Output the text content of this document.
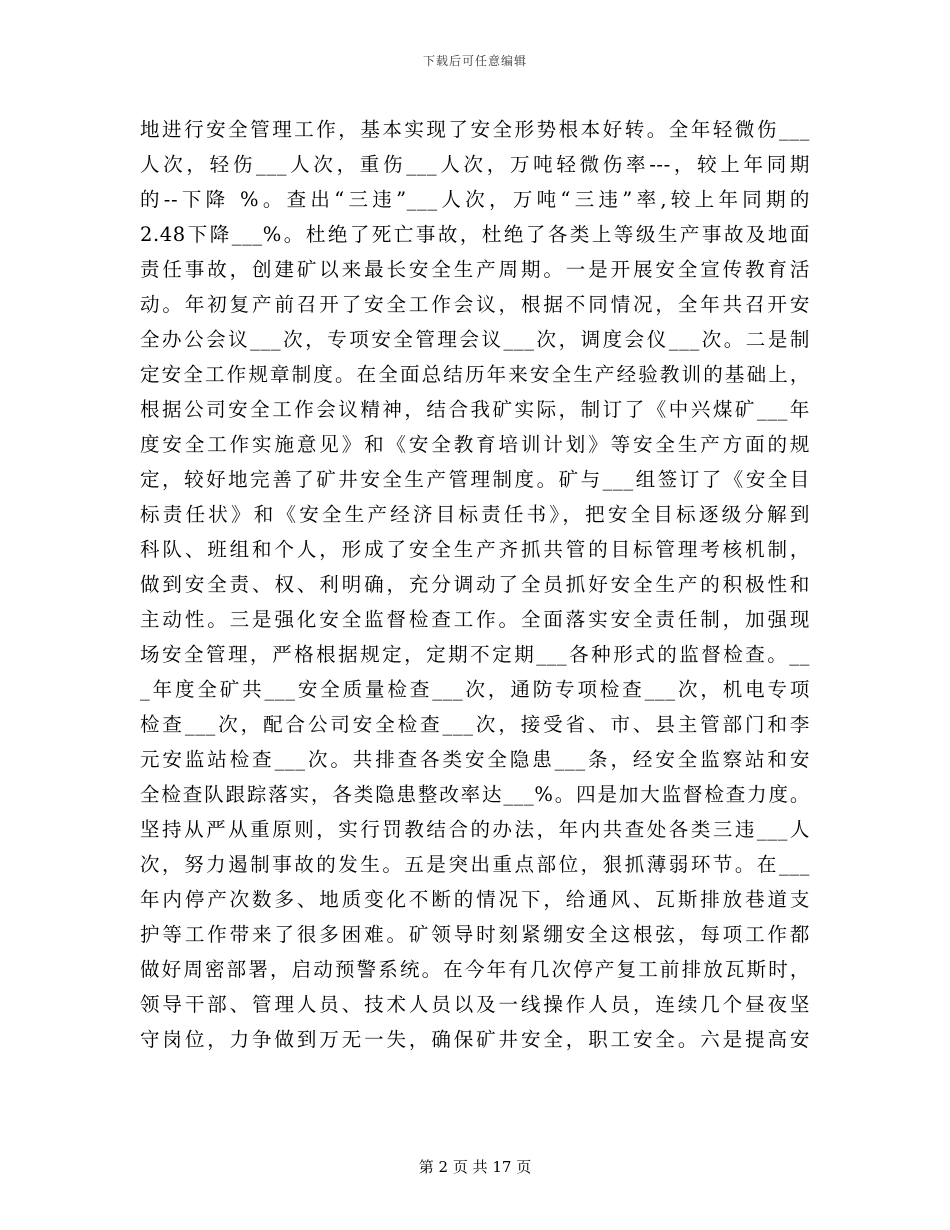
下载后可任意编辑
地进行安全管理工作，基本实现了安全形势根本好转。全年轻微伤___
人次，轻伤___人次，重伤___人次，万吨轻微伤率---，较上年同期
的--下降 %。查出“三违”___人次，万吨“三违”率,较上年同期的
2.48下降___%。杜绝了死亡事故，杜绝了各类上等级生产事故及地面
责任事故，创建矿以来最长安全生产周期。一是开展安全宣传教育活
动。年初复产前召开了安全工作会议，根据不同情况，全年共召开安
全办公会议___次，专项安全管理会议___次，调度会仪___次。二是制
定安全工作规章制度。在全面总结历年来安全生产经验教训的基础上，
根据公司安全工作会议精神，结合我矿实际，制订了《中兴煤矿___年
度安全工作实施意见》和《安全教育培训计划》等安全生产方面的规
定，较好地完善了矿井安全生产管理制度。矿与___组签订了《安全目
标责任状》和《安全生产经济目标责任书》，把安全目标逐级分解到
科队、班组和个人，形成了安全生产齐抓共管的目标管理考核机制，
做到安全责、权、利明确，充分调动了全员抓好安全生产的积极性和
主动性。三是强化安全监督检查工作。全面落实安全责任制，加强现
场安全管理，严格根据规定，定期不定期___各种形式的监督检查。__
_年度全矿共___安全质量检查___次，通防专项检查___次，机电专项
检查___次，配合公司安全检查___次，接受省、市、县主管部门和李
元安监站检查___次。共排查各类安全隐患___条，经安全监察站和安
全检查队跟踪落实，各类隐患整改率达___%。四是加大监督检查力度。
坚持从严从重原则，实行罚教结合的办法，年内共查处各类三违___人
次，努力遏制事故的发生。五是突出重点部位，狠抓薄弱环节。在___
年内停产次数多、地质变化不断的情况下，给通风、瓦斯排放巷道支
护等工作带来了很多困难。矿领导时刻紧绷安全这根弦，每项工作都
做好周密部署，启动预警系统。在今年有几次停产复工前排放瓦斯时，
领导干部、管理人员、技术人员以及一线操作人员，连续几个昼夜坚
守岗位，力争做到万无一失，确保矿井安全，职工安全。六是提高安
第 2 页 共 17 页
